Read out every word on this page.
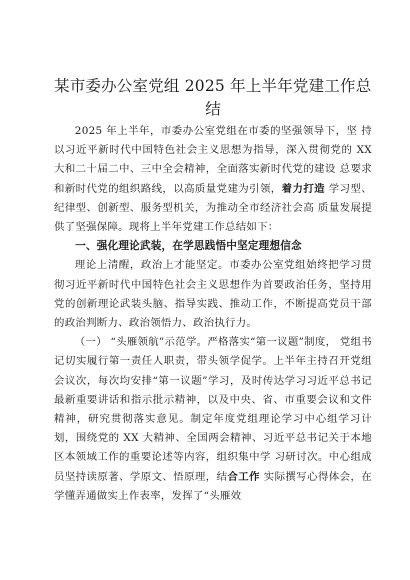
某市委办公室党组 2025 年上半年党建工作总
结

2025 年上半年，市委办公室党组在市委的坚强领导下，坚 持以习近平新时代中国特色社会主义思想为指导，深入贯彻党的 XX 大和二十届二中、三中全会精神，全面落实新时代党的建设 总要求和新时代党的组织路线，以高质量党建为引领，着力打造 学习型、纪律型、创新型、服务型机关，为推动全市经济社会高 质量发展提供了坚强保障。现将上半年党建工作总结如下：

一、强化理论武装，在学思践悟中坚定理想信念

理论上清醒，政治上才能坚定。市委办公室党组始终把学习贯彻习近平新时代中国特色社会主义思想作为首要政治任务，坚持用党的创新理论武装头脑、指导实践、推动工作，不断提高党员干部的政治判断力、政治领悟力、政治执行力。

（一） “头雁领航”示范学。严格落实“第一议题”制度， 党组书记切实履行第一责任人职责，带头领学促学。上半年主持召开党组会议次，每次均安排“第一议题”学习，及时传达学习习近平总书记最新重要讲话和指示批示精神，以及中央、省、市重要会议和文件精神，研究贯彻落实意见。制定年度党组理论学习中心组学习计划，围绕党的 XX 大精神、全国两会精神、习近平总书记关于本地区本领域工作的重要论述等内容，组织集中学 习研讨次。中心组成员坚持读原著、学原文、悟原理，结合工作 实际撰写心得体会，在学懂弄通做实上作表率，发挥了“头雁效
